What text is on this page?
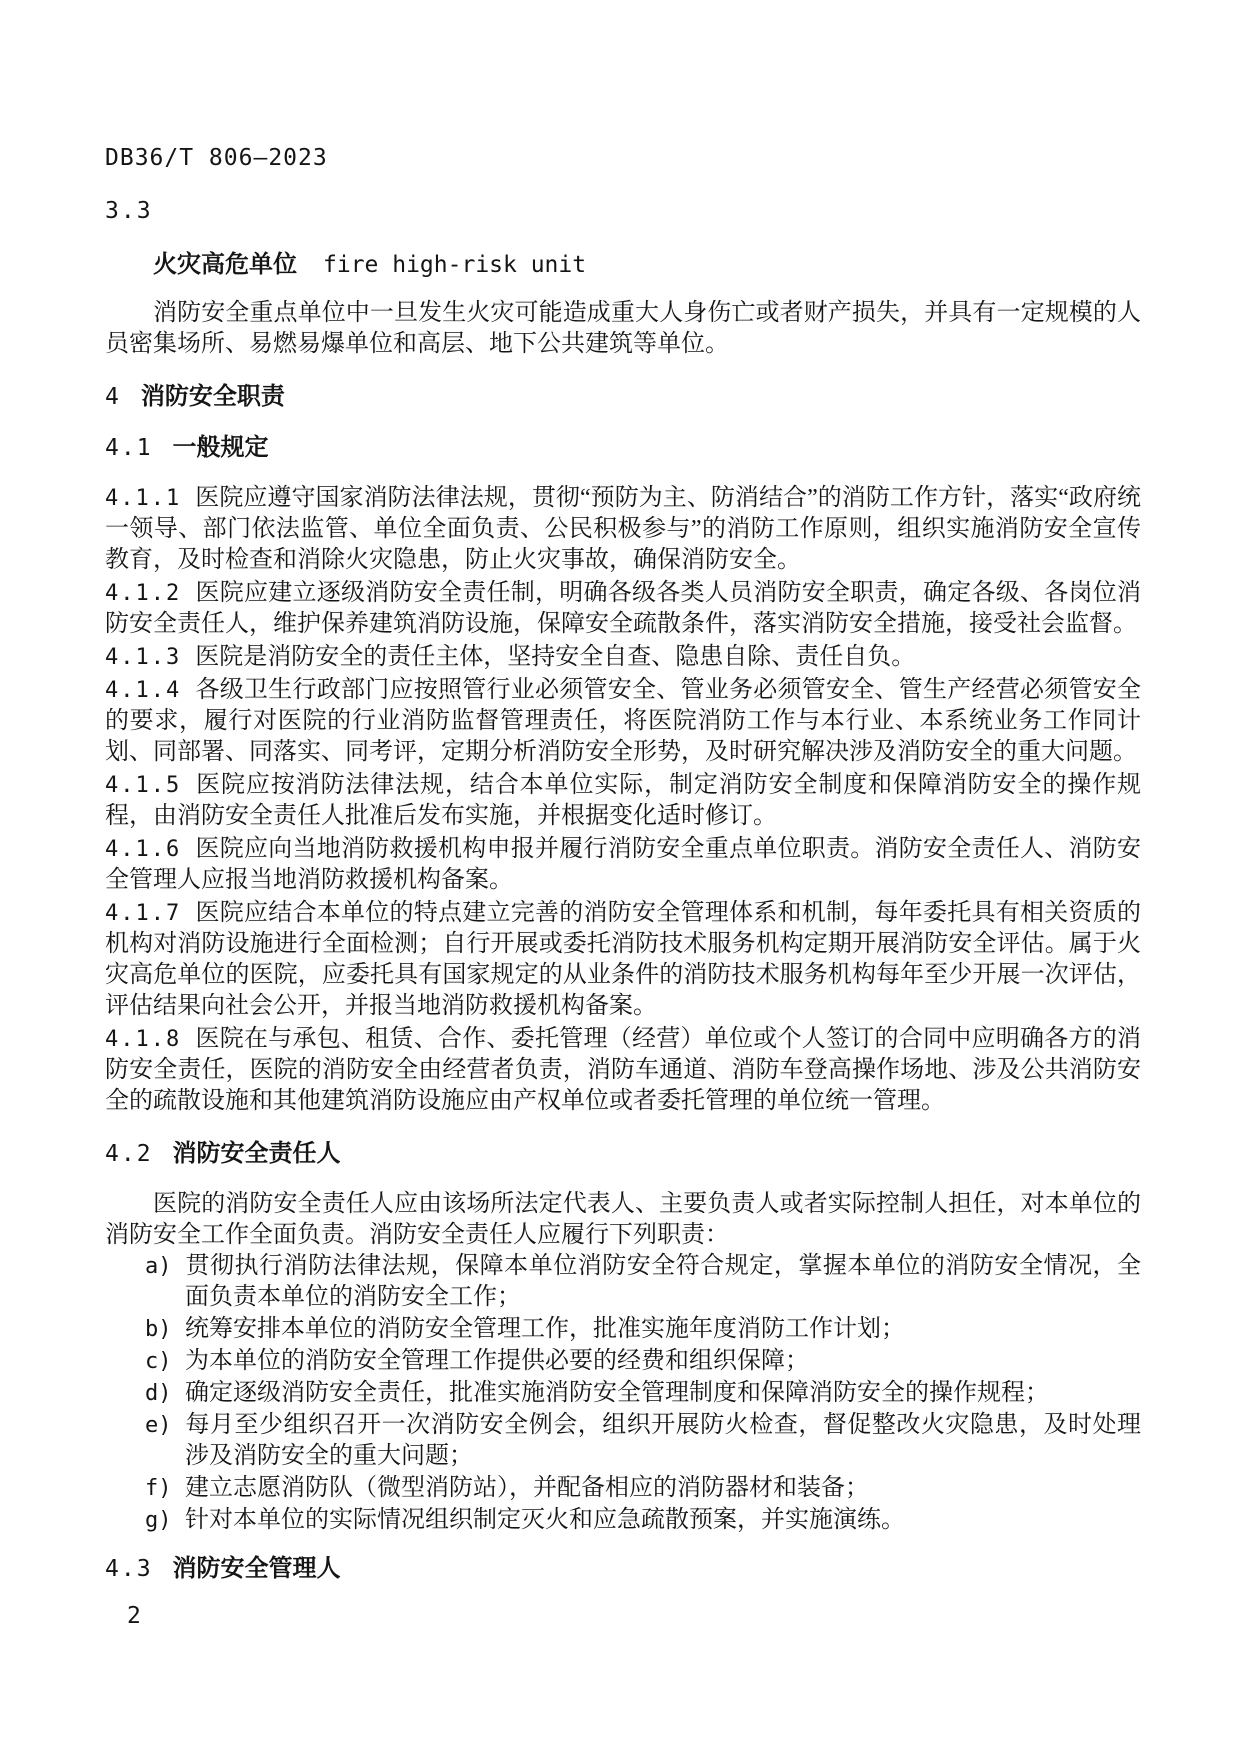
DB36/T 806—2023
3.3
火灾高危单位 fire high-risk unit

消防安全重点单位中一旦发生火灾可能造成重大人身伤亡或者财产损失，并具有一定规模的人员密集场所、易燃易爆单位和高层、地下公共建筑等单位。

4 消防安全职责
4.1 一般规定

4.1.1 医院应遵守国家消防法律法规，贯彻“预防为主、防消结合”的消防工作方针，落实“政府统一领导、部门依法监管、单位全面负责、公民积极参与”的消防工作原则，组织实施消防安全宣传教育，及时检查和消除火灾隐患，防止火灾事故，确保消防安全。

4.1.2 医院应建立逐级消防安全责任制，明确各级各类人员消防安全职责，确定各级、各岗位消防安全责任人，维护保养建筑消防设施，保障安全疏散条件，落实消防安全措施，接受社会监督。

4.1.3 医院是消防安全的责任主体，坚持安全自查、隐患自除、责任自负。

4.1.4 各级卫生行政部门应按照管行业必须管安全、管业务必须管安全、管生产经营必须管安全的要求，履行对医院的行业消防监督管理责任，将医院消防工作与本行业、本系统业务工作同计划、同部署、同落实、同考评，定期分析消防安全形势，及时研究解决涉及消防安全的重大问题。

4.1.5 医院应按消防法律法规，结合本单位实际，制定消防安全制度和保障消防安全的操作规程，由消防安全责任人批准后发布实施，并根据变化适时修订。

4.1.6 医院应向当地消防救援机构申报并履行消防安全重点单位职责。消防安全责任人、消防安全管理人应报当地消防救援机构备案。

4.1.7 医院应结合本单位的特点建立完善的消防安全管理体系和机制，每年委托具有相关资质的机构对消防设施进行全面检测；自行开展或委托消防技术服务机构定期开展消防安全评估。属于火灾高危单位的医院，应委托具有国家规定的从业条件的消防技术服务机构每年至少开展一次评估，评估结果向社会公开，并报当地消防救援机构备案。

4.1.8 医院在与承包、租赁、合作、委托管理（经营）单位或个人签订的合同中应明确各方的消防安全责任，医院的消防安全由经营者负责，消防车通道、消防车登高操作场地、涉及公共消防安全的疏散设施和其他建筑消防设施应由产权单位或者委托管理的单位统一管理。

4.2 消防安全责任人

医院的消防安全责任人应由该场所法定代表人、主要负责人或者实际控制人担任，对本单位的消防安全工作全面负责。消防安全责任人应履行下列职责：

a) 贯彻执行消防法律法规，保障本单位消防安全符合规定，掌握本单位的消防安全情况，全面负责本单位的消防安全工作；

b) 统筹安排本单位的消防安全管理工作，批准实施年度消防工作计划；

c) 为本单位的消防安全管理工作提供必要的经费和组织保障；

d) 确定逐级消防安全责任，批准实施消防安全管理制度和保障消防安全的操作规程；

e) 每月至少组织召开一次消防安全例会，组织开展防火检查，督促整改火灾隐患，及时处理涉及消防安全的重大问题；

f) 建立志愿消防队（微型消防站），并配备相应的消防器材和装备；

g) 针对本单位的实际情况组织制定灭火和应急疏散预案，并实施演练。

4.3 消防安全管理人
2
